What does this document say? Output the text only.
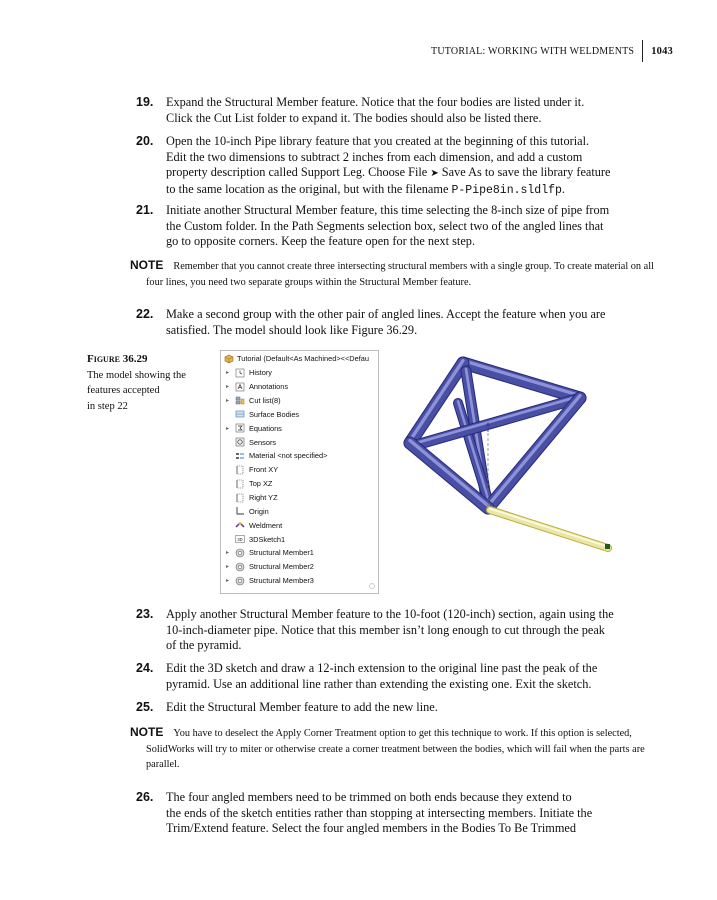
TUTORIAL: WORKING WITH WELDMENTS 1043
19. Expand the Structural Member feature. Notice that the four bodies are listed under it.
Click the Cut List folder to expand it. The bodies should also be listed there.
20. Open the 10-inch Pipe library feature that you created at the beginning of this tutorial.
Edit the two dimensions to subtract 2 inches from each dimension, and add a custom
property description called Support Leg. Choose File ➤ Save As to save the library feature
to the same location as the original, but with the filename P-Pipe8in.sldlfp.
21. Initiate another Structural Member feature, this time selecting the 8-inch size of pipe from
the Custom folder. In the Path Segments selection box, select two of the angled lines that
go to opposite corners. Keep the feature open for the next step.
NOTE Remember that you cannot create three intersecting structural members with a single group. To create material on all four lines, you need two separate groups within the Structural Member feature.
22. Make a second group with the other pair of angled lines. Accept the feature when you are
satisfied. The model should look like Figure 36.29.
Figure 36.29
The model showing the
features accepted
in step 22
Tutorial (Default<As Machined><<Defau
▸	History
▸	Annotations
▸	Cut list(8)
Surface Bodies
▸	Equations
Sensors
Material <not specified>
Front XY
Top XZ
Right YZ
Origin
Weldment
3D 3DSketch1
▸	Structural Member1
▸	Structural Member2
▸	Structural Member3
23. Apply another Structural Member feature to the 10-foot (120-inch) section, again using the
10-inch-diameter pipe. Notice that this member isn’t long enough to cut through the peak
of the pyramid.
24. Edit the 3D sketch and draw a 12-inch extension to the original line past the peak of the
pyramid. Use an additional line rather than extending the existing one. Exit the sketch.
25. Edit the Structural Member feature to add the new line.
NOTE You have to deselect the Apply Corner Treatment option to get this technique to work. If this option is selected, SolidWorks will try to miter or otherwise create a corner treatment between the bodies, which will fail when the parts are parallel.
26. The four angled members need to be trimmed on both ends because they extend to
the ends of the sketch entities rather than stopping at intersecting members. Initiate the
Trim/Extend feature. Select the four angled members in the Bodies To Be Trimmed
